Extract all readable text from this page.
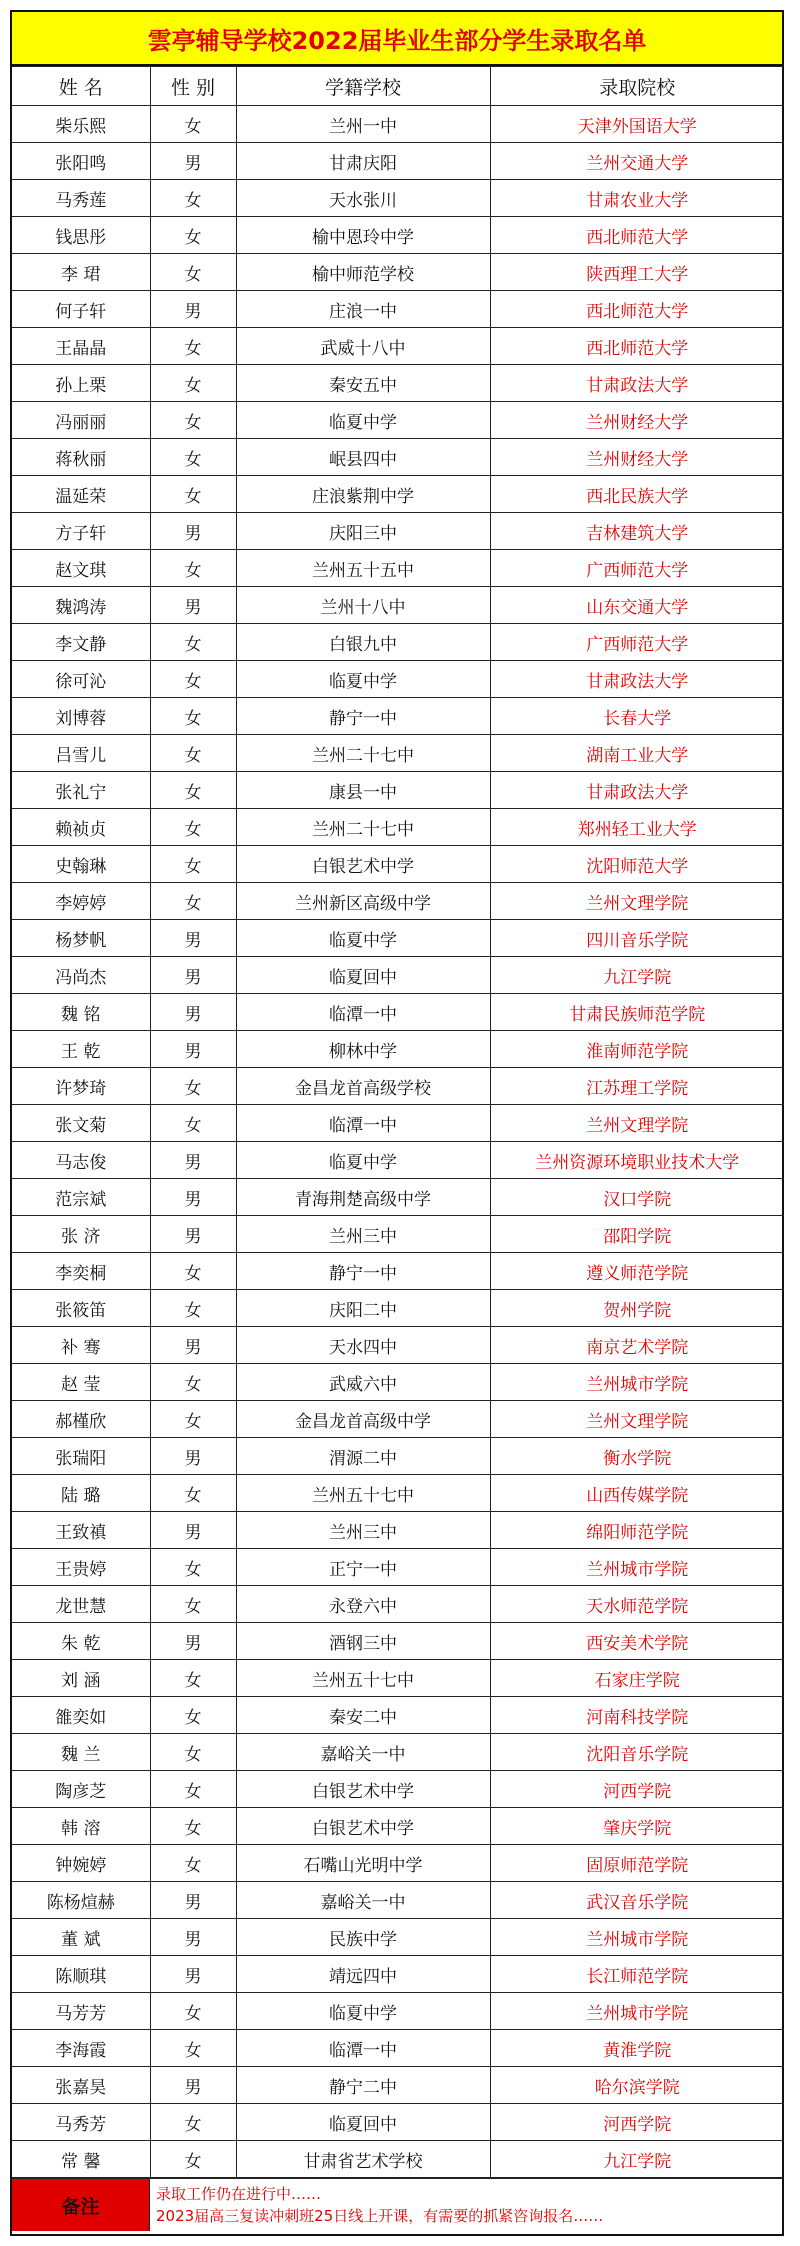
雲亭辅导学校2022届毕业生部分学生录取名单
姓 名	性 别	学籍学校	录取院校
柴乐熙	女	兰州一中	天津外国语大学
张阳鸣	男	甘肃庆阳	兰州交通大学
马秀莲	女	天水张川	甘肃农业大学
钱思彤	女	榆中恩玲中学	西北师范大学
李 珺	女	榆中师范学校	陕西理工大学
何子轩	男	庄浪一中	西北师范大学
王晶晶	女	武威十八中	西北师范大学
孙上栗	女	秦安五中	甘肃政法大学
冯丽丽	女	临夏中学	兰州财经大学
蒋秋丽	女	岷县四中	兰州财经大学
温延荣	女	庄浪紫荆中学	西北民族大学
方子轩	男	庆阳三中	吉林建筑大学
赵文琪	女	兰州五十五中	广西师范大学
魏鸿涛	男	兰州十八中	山东交通大学
李文静	女	白银九中	广西师范大学
徐可沁	女	临夏中学	甘肃政法大学
刘博蓉	女	静宁一中	长春大学
吕雪儿	女	兰州二十七中	湖南工业大学
张礼宁	女	康县一中	甘肃政法大学
赖祯贞	女	兰州二十七中	郑州轻工业大学
史翰琳	女	白银艺术中学	沈阳师范大学
李婷婷	女	兰州新区高级中学	兰州文理学院
杨梦帆	男	临夏中学	四川音乐学院
冯尚杰	男	临夏回中	九江学院
魏 铭	男	临潭一中	甘肃民族师范学院
王 乾	男	柳林中学	淮南师范学院
许梦琦	女	金昌龙首高级学校	江苏理工学院
张文菊	女	临潭一中	兰州文理学院
马志俊	男	临夏中学	兰州资源环境职业技术大学
范宗斌	男	青海荆楚高级中学	汉口学院
张 济	男	兰州三中	邵阳学院
李奕桐	女	静宁一中	遵义师范学院
张筱笛	女	庆阳二中	贺州学院
补 骞	男	天水四中	南京艺术学院
赵 莹	女	武威六中	兰州城市学院
郝槿欣	女	金昌龙首高级中学	兰州文理学院
张瑞阳	男	渭源二中	衡水学院
陆 璐	女	兰州五十七中	山西传媒学院
王致禛	男	兰州三中	绵阳师范学院
王贵婷	女	正宁一中	兰州城市学院
龙世慧	女	永登六中	天水师范学院
朱 乾	男	酒钢三中	西安美术学院
刘 涵	女	兰州五十七中	石家庄学院
雒奕如	女	秦安二中	河南科技学院
魏 兰	女	嘉峪关一中	沈阳音乐学院
陶彦芝	女	白银艺术中学	河西学院
韩 溶	女	白银艺术中学	肇庆学院
钟婉婷	女	石嘴山光明中学	固原师范学院
陈杨煊赫	男	嘉峪关一中	武汉音乐学院
董 斌	男	民族中学	兰州城市学院
陈顺琪	男	靖远四中	长江师范学院
马芳芳	女	临夏中学	兰州城市学院
李海霞	女	临潭一中	黄淮学院
张嘉昊	男	静宁二中	哈尔滨学院
马秀芳	女	临夏回中	河西学院
常 馨	女	甘肃省艺术学校	九江学院
备注
录取工作仍在进行中……
2023届高三复读冲刺班25日线上开课，有需要的抓紧咨询报名……
